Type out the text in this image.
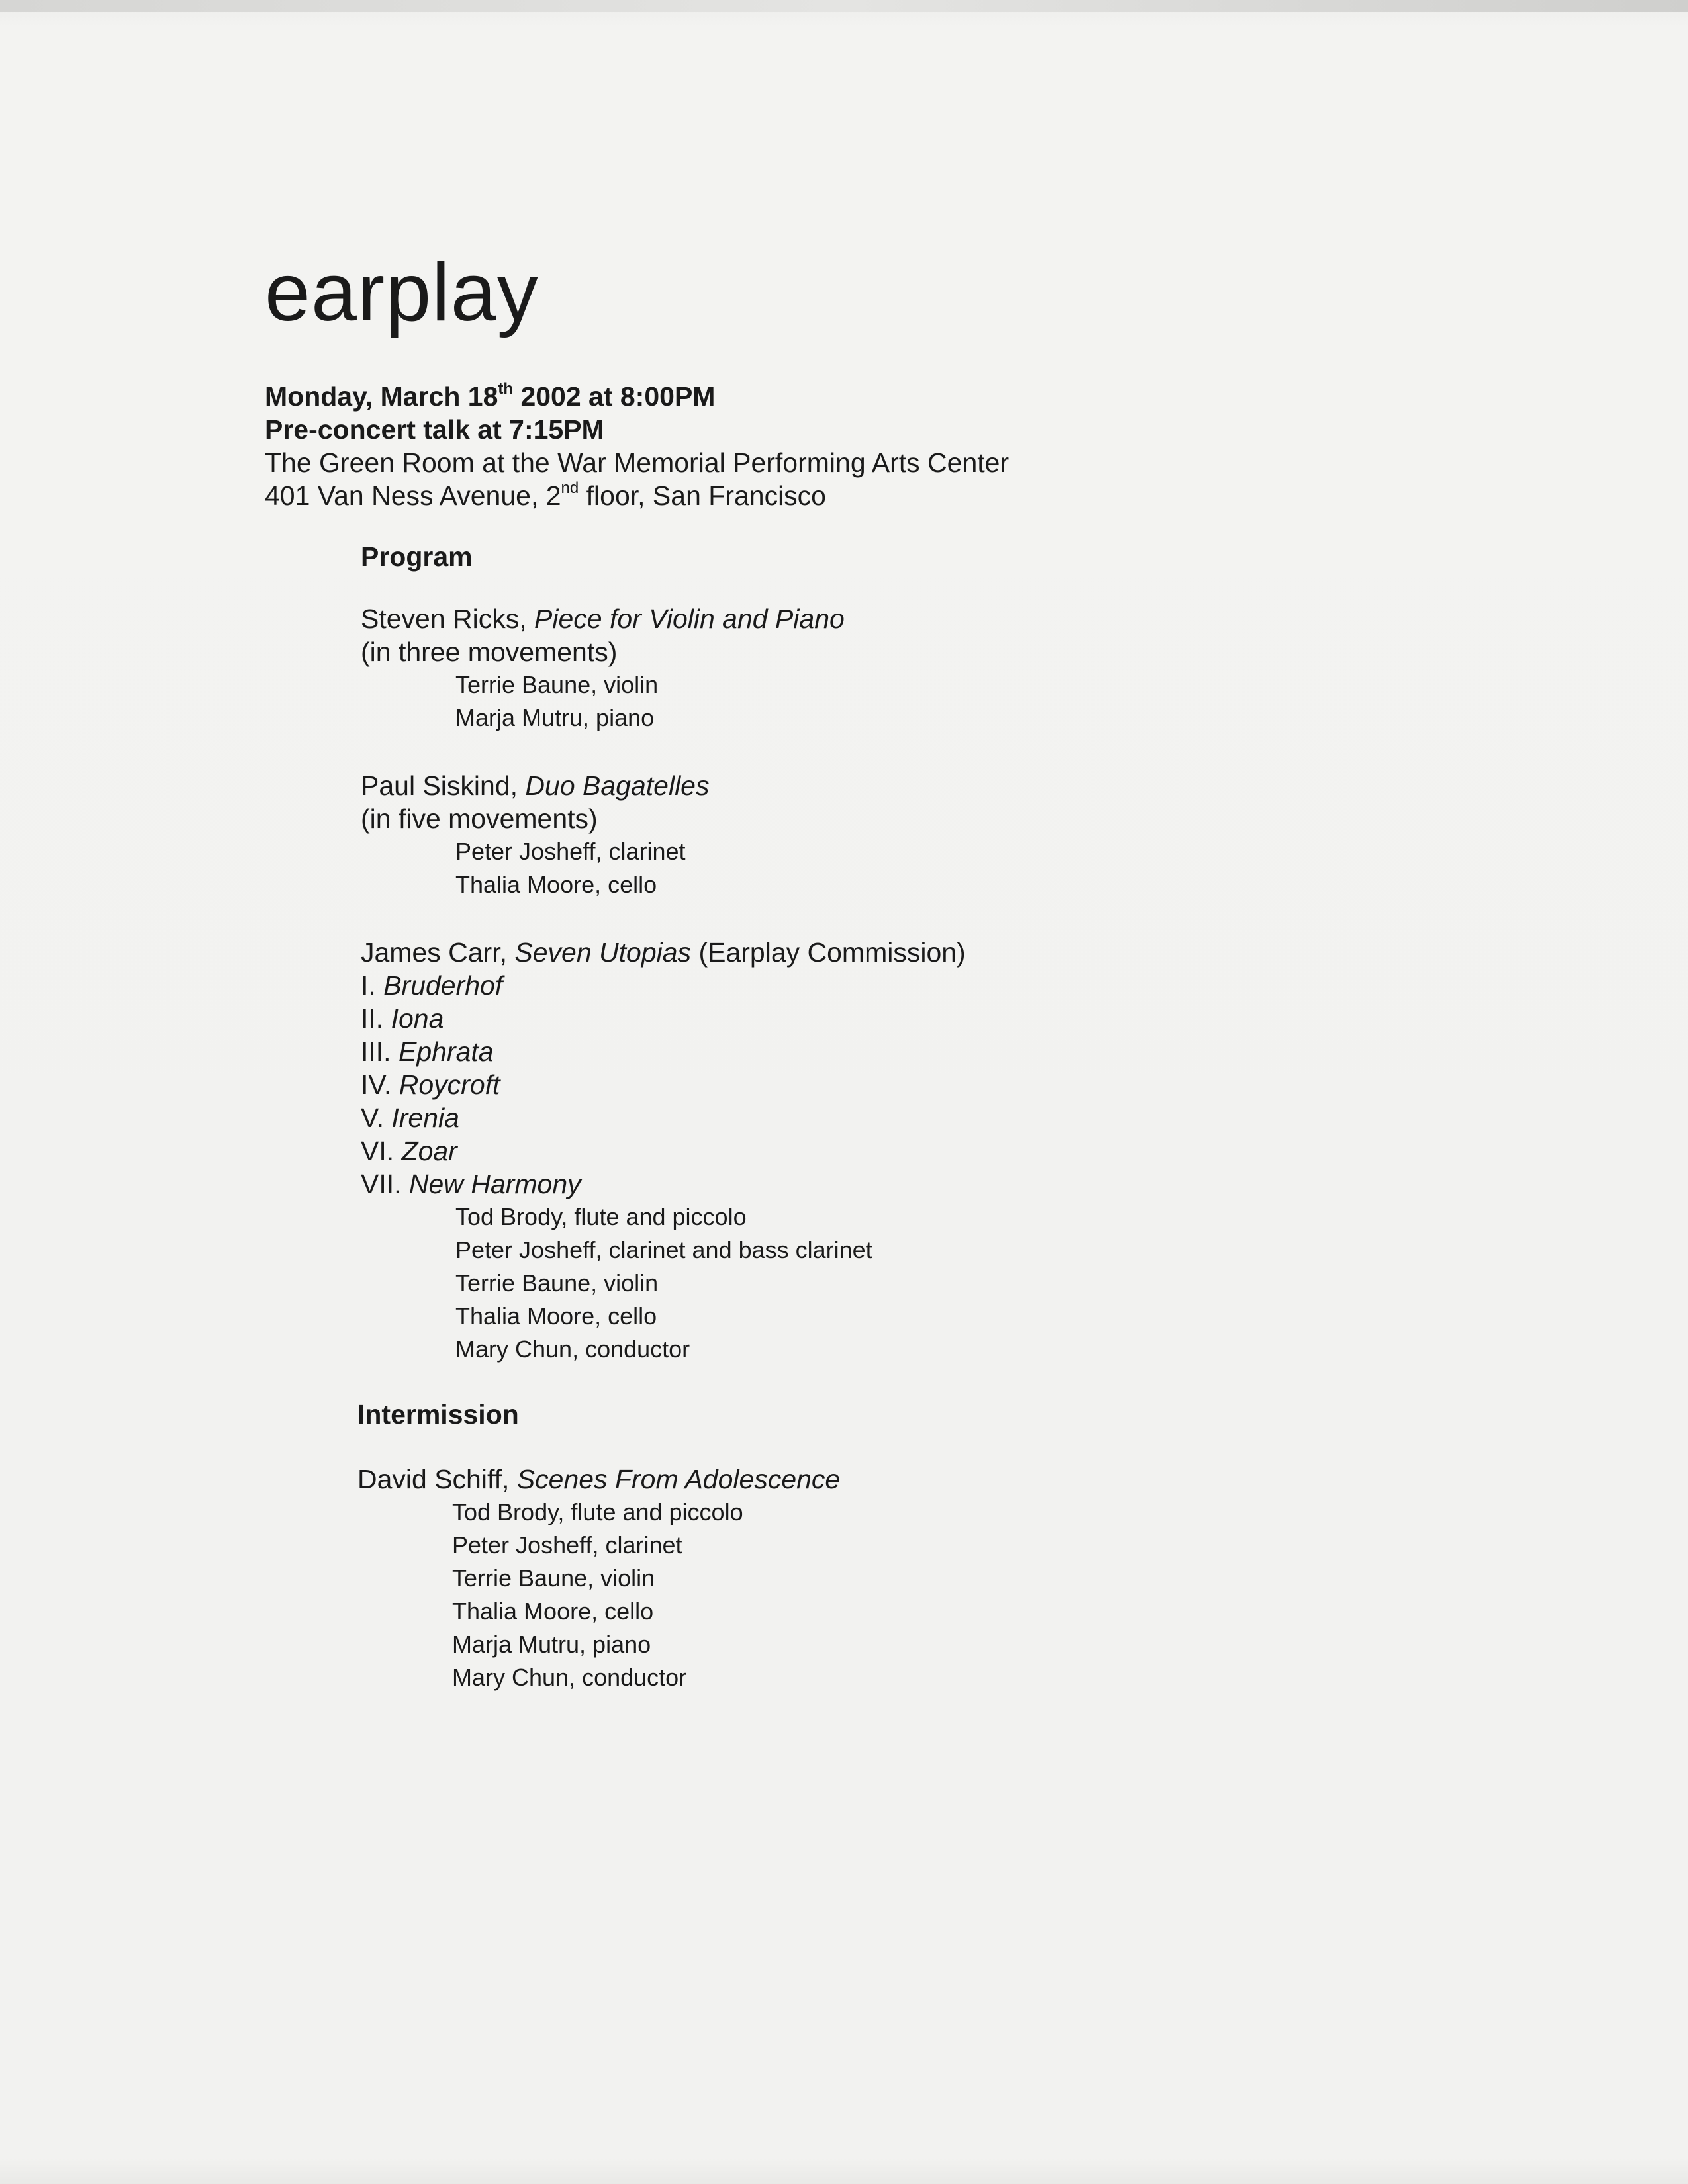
earplay
Monday, March 18th 2002 at 8:00PM
Pre-concert talk at 7:15PM
The Green Room at the War Memorial Performing Arts Center
401 Van Ness Avenue, 2nd floor, San Francisco
Program
Steven Ricks, Piece for Violin and Piano
(in three movements)
Terrie Baune, violin
Marja Mutru, piano
Paul Siskind, Duo Bagatelles
(in five movements)
Peter Josheff, clarinet
Thalia Moore, cello
James Carr, Seven Utopias (Earplay Commission)
I. Bruderhof
II. Iona
III. Ephrata
IV. Roycroft
V. Irenia
VI. Zoar
VII. New Harmony
Tod Brody, flute and piccolo
Peter Josheff, clarinet and bass clarinet
Terrie Baune, violin
Thalia Moore, cello
Mary Chun, conductor
Intermission
David Schiff, Scenes From Adolescence
Tod Brody, flute and piccolo
Peter Josheff, clarinet
Terrie Baune, violin
Thalia Moore, cello
Marja Mutru, piano
Mary Chun, conductor
